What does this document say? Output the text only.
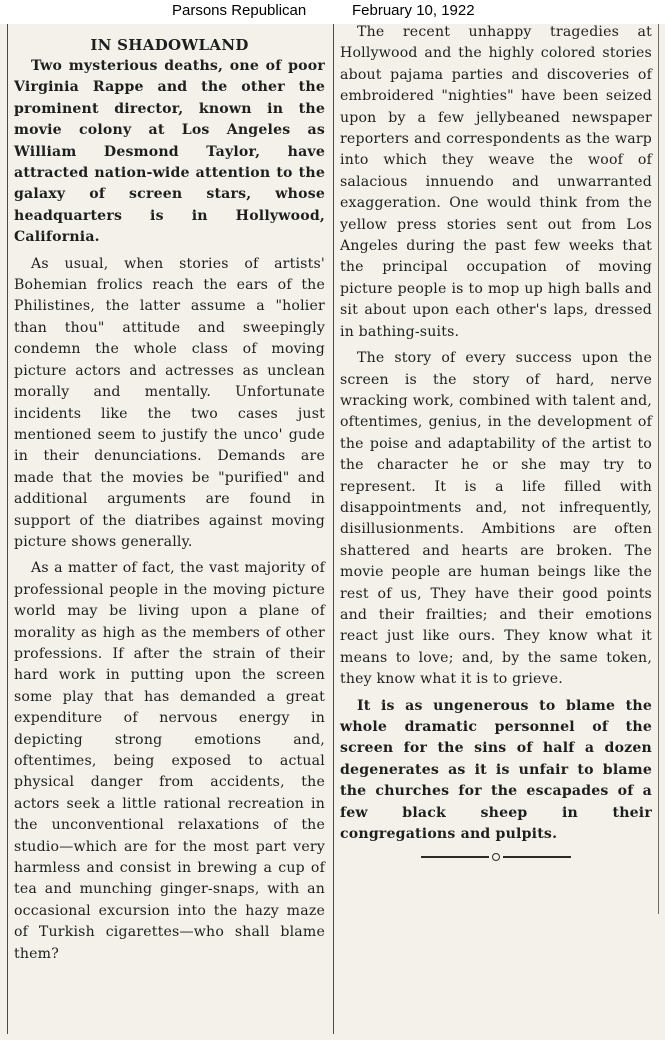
Parsons Republican	February 10, 1922
IN SHADOWLAND

Two mysterious deaths, one of poor Virginia Rappe and the other the prominent director, known in the movie colony at Los Angeles as William Desmond Taylor, have attracted nation-wide attention to the galaxy of screen stars, whose headquarters is in Hollywood, California.

As usual, when stories of artists' Bohemian frolics reach the ears of the Philistines, the latter assume a "holier than thou" attitude and sweepingly condemn the whole class of moving picture actors and actresses as unclean morally and mentally. Unfortunate incidents like the two cases just mentioned seem to justify the unco' gude in their denunciations. Demands are made that the movies be "purified" and additional arguments are found in support of the diatribes against moving picture shows generally.

As a matter of fact, the vast majority of professional people in the moving picture world may be living upon a plane of morality as high as the members of other professions. If after the strain of their hard work in putting upon the screen some play that has demanded a great expenditure of nervous energy in depicting strong emotions and, oftentimes, being exposed to actual physical danger from accidents, the actors seek a little rational recreation in the unconventional relaxations of the studio—which are for the most part very harmless and consist in brewing a cup of tea and munching ginger-snaps, with an occasional excursion into the hazy maze of Turkish cigarettes—who shall blame them?

The recent unhappy tragedies at Hollywood and the highly colored stories about pajama parties and discoveries of embroidered "nighties" have been seized upon by a few jellybeaned newspaper reporters and correspondents as the warp into which they weave the woof of salacious innuendo and unwarranted exaggeration. One would think from the yellow press stories sent out from Los Angeles during the past few weeks that the principal occupation of moving picture people is to mop up high balls and sit about upon each other's laps, dressed in bathing-suits.

The story of every success upon the screen is the story of hard, nerve wracking work, combined with talent and, oftentimes, genius, in the development of the poise and adaptability of the artist to the character he or she may try to represent. It is a life filled with disappointments and, not infrequently, disillusionments. Ambitions are often shattered and hearts are broken. The movie people are human beings like the rest of us, They have their good points and their frailties; and their emotions react just like ours. They know what it means to love; and, by the same token, they know what it is to grieve.

It is as ungenerous to blame the whole dramatic personnel of the screen for the sins of half a dozen degenerates as it is unfair to blame the churches for the escapades of a few black sheep in their congregations and pulpits.
